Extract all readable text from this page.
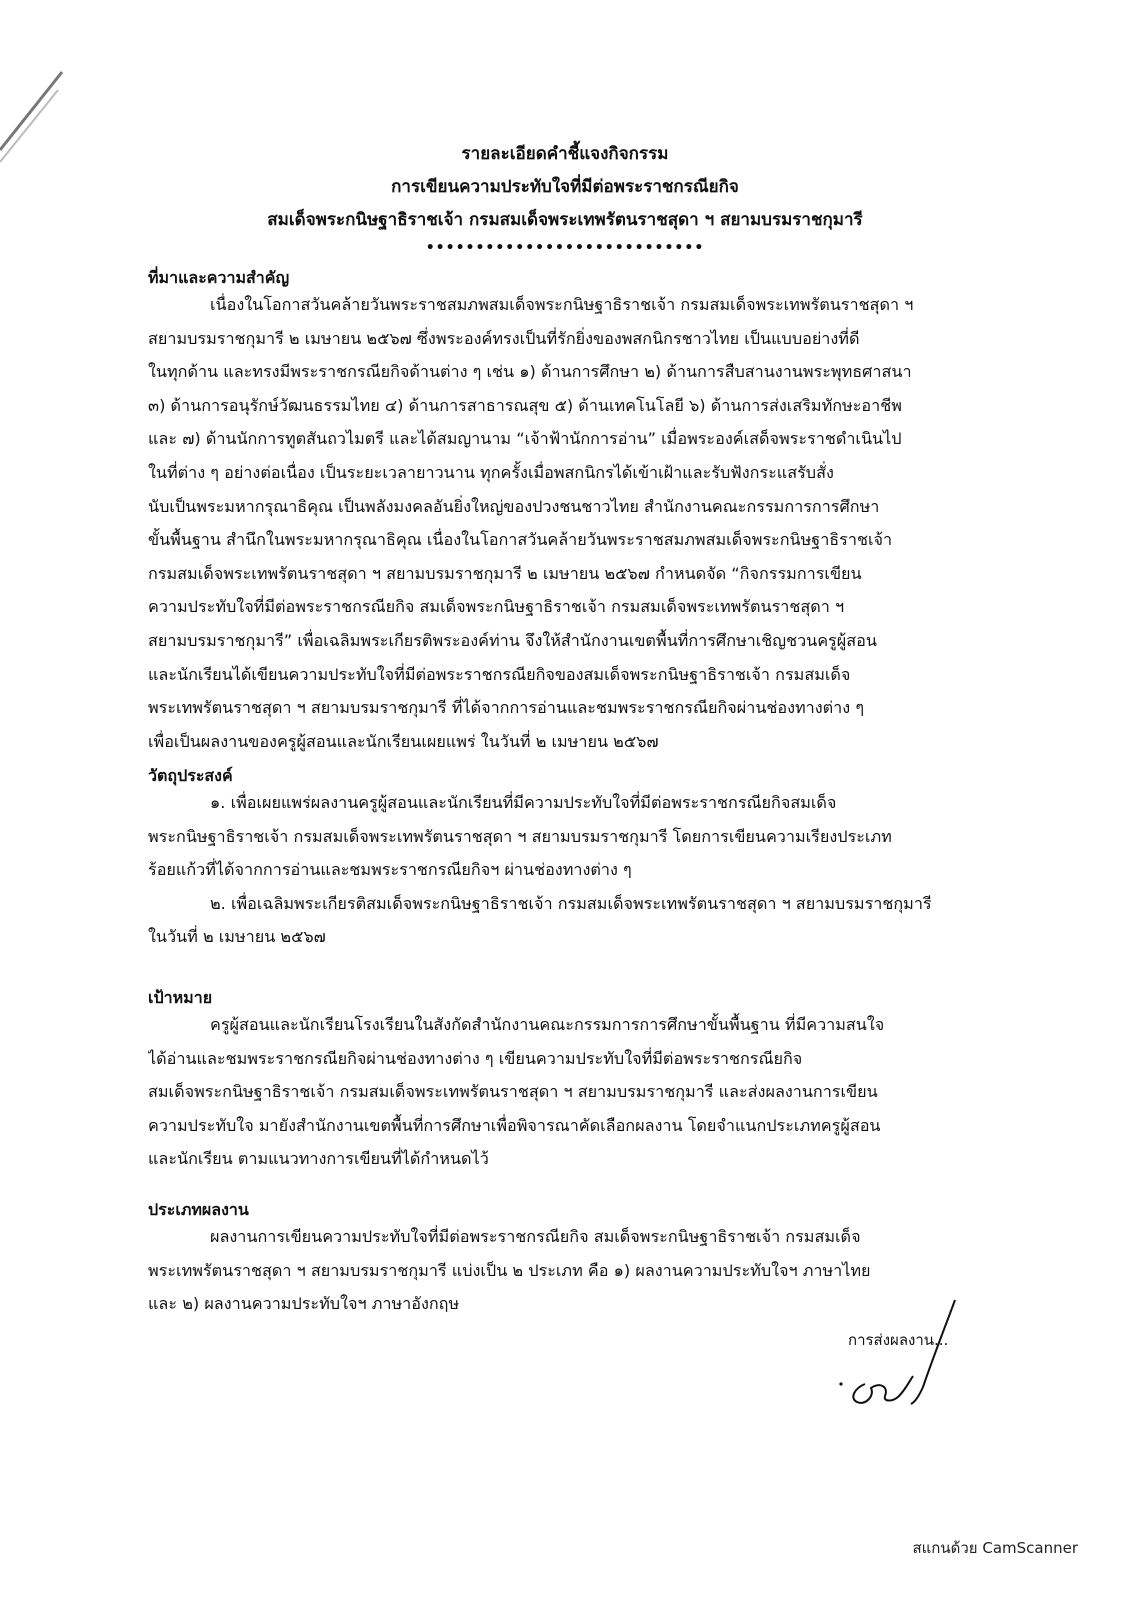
รายละเอียดคำชี้แจงกิจกรรม
การเขียนความประทับใจที่มีต่อพระราชกรณียกิจ
สมเด็จพระกนิษฐาธิราชเจ้า กรมสมเด็จพระเทพรัตนราชสุดา ฯ สยามบรมราชกุมารี
••••••••••••••••••••••••••••
ที่มาและความสำคัญ
เนื่องในโอกาสวันคล้ายวันพระราชสมภพสมเด็จพระกนิษฐาธิราชเจ้า กรมสมเด็จพระเทพรัตนราชสุดา ฯ
สยามบรมราชกุมารี ๒ เมษายน ๒๕๖๗ ซึ่งพระองค์ทรงเป็นที่รักยิ่งของพสกนิกรชาวไทย เป็นแบบอย่างที่ดี
ในทุกด้าน และทรงมีพระราชกรณียกิจด้านต่าง ๆ เช่น ๑) ด้านการศึกษา ๒) ด้านการสืบสานงานพระพุทธศาสนา
๓) ด้านการอนุรักษ์วัฒนธรรมไทย ๔) ด้านการสาธารณสุข ๕) ด้านเทคโนโลยี ๖) ด้านการส่งเสริมทักษะอาชีพ
และ ๗) ด้านนักการทูตสันถวไมตรี และได้สมญานาม “เจ้าฟ้านักการอ่าน” เมื่อพระองค์เสด็จพระราชดำเนินไป
ในที่ต่าง ๆ อย่างต่อเนื่อง เป็นระยะเวลายาวนาน ทุกครั้งเมื่อพสกนิกรได้เข้าเฝ้าและรับฟังกระแสรับสั่ง
นับเป็นพระมหากรุณาธิคุณ เป็นพลังมงคลอันยิ่งใหญ่ของปวงชนชาวไทย สำนักงานคณะกรรมการการศึกษา
ขั้นพื้นฐาน สำนึกในพระมหากรุณาธิคุณ เนื่องในโอกาสวันคล้ายวันพระราชสมภพสมเด็จพระกนิษฐาธิราชเจ้า
กรมสมเด็จพระเทพรัตนราชสุดา ฯ สยามบรมราชกุมารี ๒ เมษายน ๒๕๖๗ กำหนดจัด “กิจกรรมการเขียน
ความประทับใจที่มีต่อพระราชกรณียกิจ สมเด็จพระกนิษฐาธิราชเจ้า กรมสมเด็จพระเทพรัตนราชสุดา ฯ
สยามบรมราชกุมารี” เพื่อเฉลิมพระเกียรติพระองค์ท่าน จึงให้สำนักงานเขตพื้นที่การศึกษาเชิญชวนครูผู้สอน
และนักเรียนได้เขียนความประทับใจที่มีต่อพระราชกรณียกิจของสมเด็จพระกนิษฐาธิราชเจ้า กรมสมเด็จ
พระเทพรัตนราชสุดา ฯ สยามบรมราชกุมารี ที่ได้จากการอ่านและชมพระราชกรณียกิจผ่านช่องทางต่าง ๆ
เพื่อเป็นผลงานของครูผู้สอนและนักเรียนเผยแพร่ ในวันที่ ๒ เมษายน ๒๕๖๗
วัตถุประสงค์
๑. เพื่อเผยแพร่ผลงานครูผู้สอนและนักเรียนที่มีความประทับใจที่มีต่อพระราชกรณียกิจสมเด็จ
พระกนิษฐาธิราชเจ้า กรมสมเด็จพระเทพรัตนราชสุดา ฯ สยามบรมราชกุมารี โดยการเขียนความเรียงประเภท
ร้อยแก้วที่ได้จากการอ่านและชมพระราชกรณียกิจฯ ผ่านช่องทางต่าง ๆ
๒. เพื่อเฉลิมพระเกียรติสมเด็จพระกนิษฐาธิราชเจ้า กรมสมเด็จพระเทพรัตนราชสุดา ฯ สยามบรมราชกุมารี
ในวันที่ ๒ เมษายน ๒๕๖๗
เป้าหมาย
ครูผู้สอนและนักเรียนโรงเรียนในสังกัดสำนักงานคณะกรรมการการศึกษาขั้นพื้นฐาน ที่มีความสนใจ
ได้อ่านและชมพระราชกรณียกิจผ่านช่องทางต่าง ๆ เขียนความประทับใจที่มีต่อพระราชกรณียกิจ
สมเด็จพระกนิษฐาธิราชเจ้า กรมสมเด็จพระเทพรัตนราชสุดา ฯ สยามบรมราชกุมารี และส่งผลงานการเขียน
ความประทับใจ มายังสำนักงานเขตพื้นที่การศึกษาเพื่อพิจารณาคัดเลือกผลงาน โดยจำแนกประเภทครูผู้สอน
และนักเรียน ตามแนวทางการเขียนที่ได้กำหนดไว้
ประเภทผลงาน
ผลงานการเขียนความประทับใจที่มีต่อพระราชกรณียกิจ สมเด็จพระกนิษฐาธิราชเจ้า กรมสมเด็จ
พระเทพรัตนราชสุดา ฯ สยามบรมราชกุมารี แบ่งเป็น ๒ ประเภท คือ ๑) ผลงานความประทับใจฯ ภาษาไทย
และ ๒) ผลงานความประทับใจฯ ภาษาอังกฤษ
การส่งผลงาน...
สแกนด้วย CamScanner
